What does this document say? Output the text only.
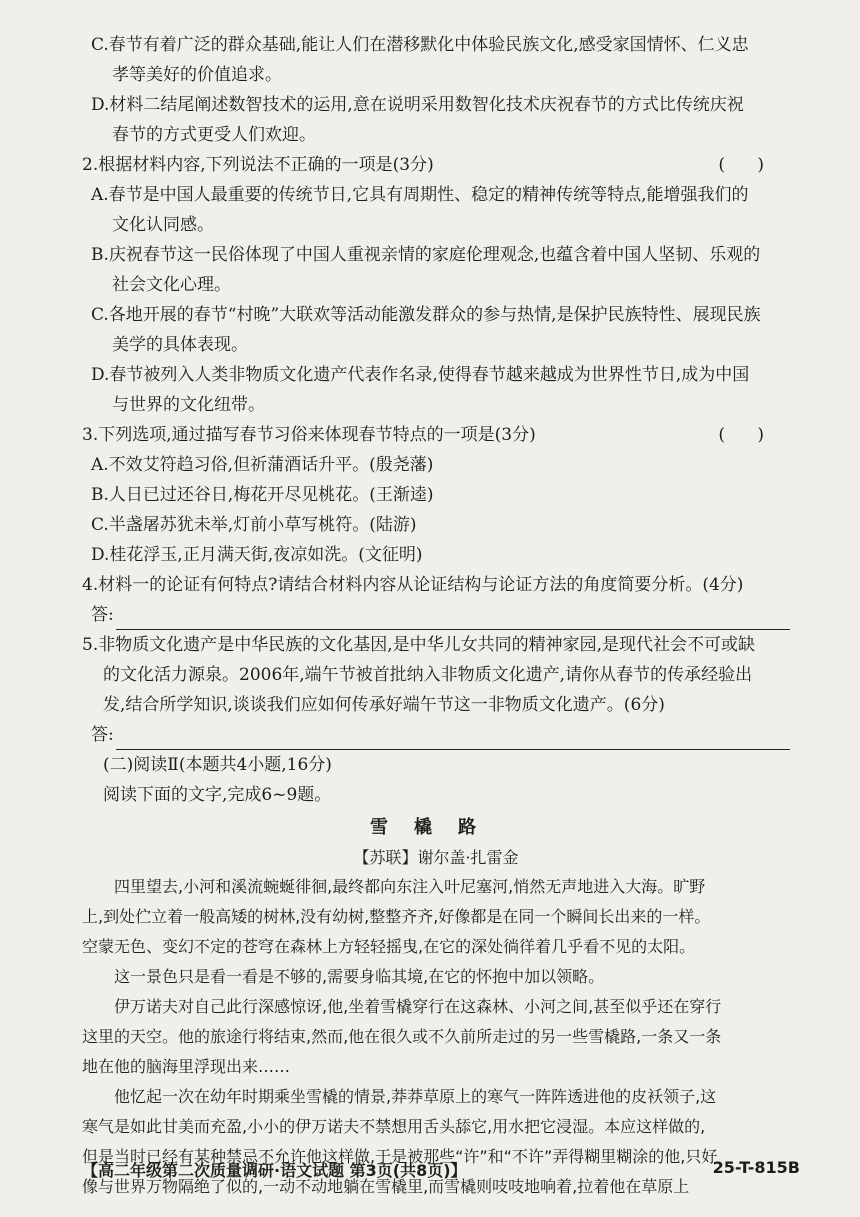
C.春节有着广泛的群众基础,能让人们在潜移默化中体验民族文化,感受家国情怀、仁义忠
孝等美好的价值追求。
D.材料二结尾阐述数智技术的运用,意在说明采用数智化技术庆祝春节的方式比传统庆祝
春节的方式更受人们欢迎。
2.根据材料内容,下列说法不正确的一项是(3分)	(      )
A.春节是中国人最重要的传统节日,它具有周期性、稳定的精神传统等特点,能增强我们的
文化认同感。
B.庆祝春节这一民俗体现了中国人重视亲情的家庭伦理观念,也蕴含着中国人坚韧、乐观的
社会文化心理。
C.各地开展的春节“村晚”大联欢等活动能激发群众的参与热情,是保护民族特性、展现民族
美学的具体表现。
D.春节被列入人类非物质文化遗产代表作名录,使得春节越来越成为世界性节日,成为中国
与世界的文化纽带。
3.下列选项,通过描写春节习俗来体现春节特点的一项是(3分)	(      )
A.不效艾符趋习俗,但祈蒲酒话升平。(殷尧藩)
B.人日已过还谷日,梅花开尽见桃花。(王渐逵)
C.半盏屠苏犹未举,灯前小草写桃符。(陆游)
D.桂花浮玉,正月满天街,夜凉如洗。(文征明)
4.材料一的论证有何特点?请结合材料内容从论证结构与论证方法的角度简要分析。(4分)
答:
5.非物质文化遗产是中华民族的文化基因,是中华儿女共同的精神家园,是现代社会不可或缺
的文化活力源泉。2006年,端午节被首批纳入非物质文化遗产,请你从春节的传承经验出
发,结合所学知识,谈谈我们应如何传承好端午节这一非物质文化遗产。(6分)
答:
(二)阅读Ⅱ(本题共4小题,16分)
阅读下面的文字,完成6~9题。
雪橇路
【苏联】谢尔盖·扎雷金
四里望去,小河和溪流蜿蜒徘徊,最终都向东注入叶尼塞河,悄然无声地进入大海。旷野
上,到处伫立着一般高矮的树林,没有幼树,整整齐齐,好像都是在同一个瞬间长出来的一样。
空蒙无色、变幻不定的苍穹在森林上方轻轻摇曳,在它的深处徜徉着几乎看不见的太阳。
这一景色只是看一看是不够的,需要身临其境,在它的怀抱中加以领略。
伊万诺夫对自己此行深感惊讶,他,坐着雪橇穿行在这森林、小河之间,甚至似乎还在穿行
这里的天空。他的旅途行将结束,然而,他在很久或不久前所走过的另一些雪橇路,一条又一条
地在他的脑海里浮现出来……
他忆起一次在幼年时期乘坐雪橇的情景,莽莽草原上的寒气一阵阵透进他的皮袄领子,这
寒气是如此甘美而充盈,小小的伊万诺夫不禁想用舌头舔它,用水把它浸湿。本应这样做的,
但是当时已经有某种禁忌不允许他这样做,于是被那些“许”和“不许”弄得糊里糊涂的他,只好
像与世界万物隔绝了似的,一动不动地躺在雪橇里,而雪橇则吱吱地响着,拉着他在草原上
【高二年级第二次质量调研·语文试题 第3页(共8页)】	25-T-815B
